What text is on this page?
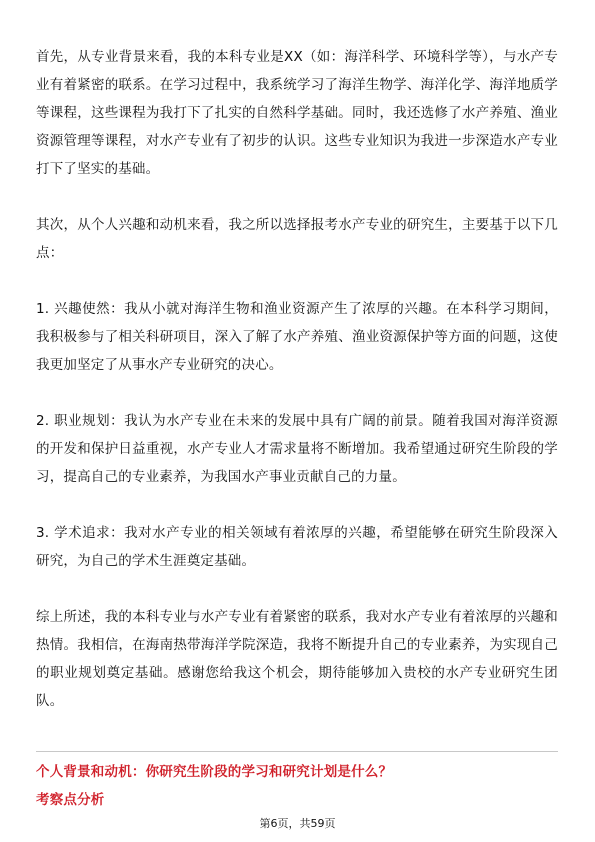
首先，从专业背景来看，我的本科专业是XX（如：海洋科学、环境科学等），与水产专业有着紧密的联系。在学习过程中，我系统学习了海洋生物学、海洋化学、海洋地质学等课程，这些课程为我打下了扎实的自然科学基础。同时，我还选修了水产养殖、渔业资源管理等课程，对水产专业有了初步的认识。这些专业知识为我进一步深造水产专业打下了坚实的基础。

其次，从个人兴趣和动机来看，我之所以选择报考水产专业的研究生，主要基于以下几点：

1. 兴趣使然：我从小就对海洋生物和渔业资源产生了浓厚的兴趣。在本科学习期间，我积极参与了相关科研项目，深入了解了水产养殖、渔业资源保护等方面的问题，这使我更加坚定了从事水产专业研究的决心。

2. 职业规划：我认为水产专业在未来的发展中具有广阔的前景。随着我国对海洋资源的开发和保护日益重视，水产专业人才需求量将不断增加。我希望通过研究生阶段的学习，提高自己的专业素养，为我国水产事业贡献自己的力量。

3. 学术追求：我对水产专业的相关领域有着浓厚的兴趣，希望能够在研究生阶段深入研究，为自己的学术生涯奠定基础。

综上所述，我的本科专业与水产专业有着紧密的联系，我对水产专业有着浓厚的兴趣和热情。我相信，在海南热带海洋学院深造，我将不断提升自己的专业素养，为实现自己的职业规划奠定基础。感谢您给我这个机会，期待能够加入贵校的水产专业研究生团队。

个人背景和动机：你研究生阶段的学习和研究计划是什么？
考察点分析
第6页，共59页
